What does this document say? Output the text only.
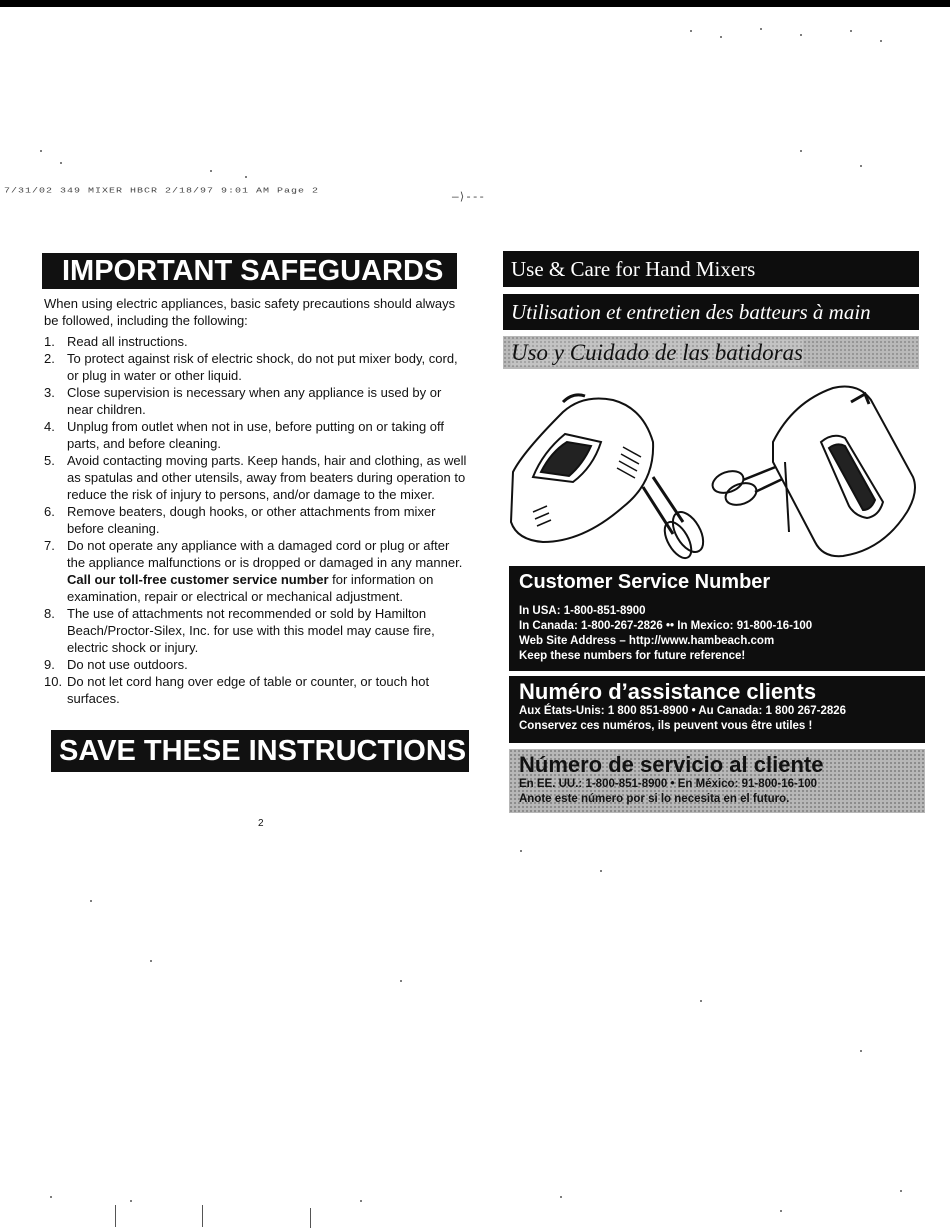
7/31/02 349 MIXER HBCR 2/18/97 9:01 AM Page 2
—⟩---
IMPORTANT SAFEGUARDS
When using electric appliances, basic safety precautions should always be followed, including the following:
1. Read all instructions.
2. To protect against risk of electric shock, do not put mixer body, cord, or plug in water or other liquid.
3. Close supervision is necessary when any appliance is used by or near children.
4. Unplug from outlet when not in use, before putting on or taking off parts, and before cleaning.
5. Avoid contacting moving parts. Keep hands, hair and clothing, as well as spatulas and other utensils, away from beaters during operation to reduce the risk of injury to persons, and/or damage to the mixer.
6. Remove beaters, dough hooks, or other attachments from mixer before cleaning.
7. Do not operate any appliance with a damaged cord or plug or after the appliance malfunctions or is dropped or damaged in any manner. Call our toll-free customer service number for information on examination, repair or electrical or mechanical adjustment.
8. The use of attachments not recommended or sold by Hamilton Beach/Proctor-Silex, Inc. for use with this model may cause fire, electric shock or injury.
9. Do not use outdoors.
10. Do not let cord hang over edge of table or counter, or touch hot surfaces.
SAVE THESE INSTRUCTIONS
2
Use & Care for Hand Mixers
Utilisation et entretien des batteurs à main
Uso y Cuidado de las batidoras
Customer Service Number
In USA: 1-800-851-8900
In Canada: 1-800-267-2826 •• In Mexico: 91-800-16-100
Web Site Address – http://www.hambeach.com
Keep these numbers for future reference!
Numéro d’assistance clients
Aux États-Unis: 1 800 851-8900 • Au Canada: 1 800 267-2826
Conservez ces numéros, ils peuvent vous être utiles !
Número de servicio al cliente
En EE. UU.: 1-800-851-8900 • En México: 91-800-16-100
Anote este número por si lo necesita en el futuro.
